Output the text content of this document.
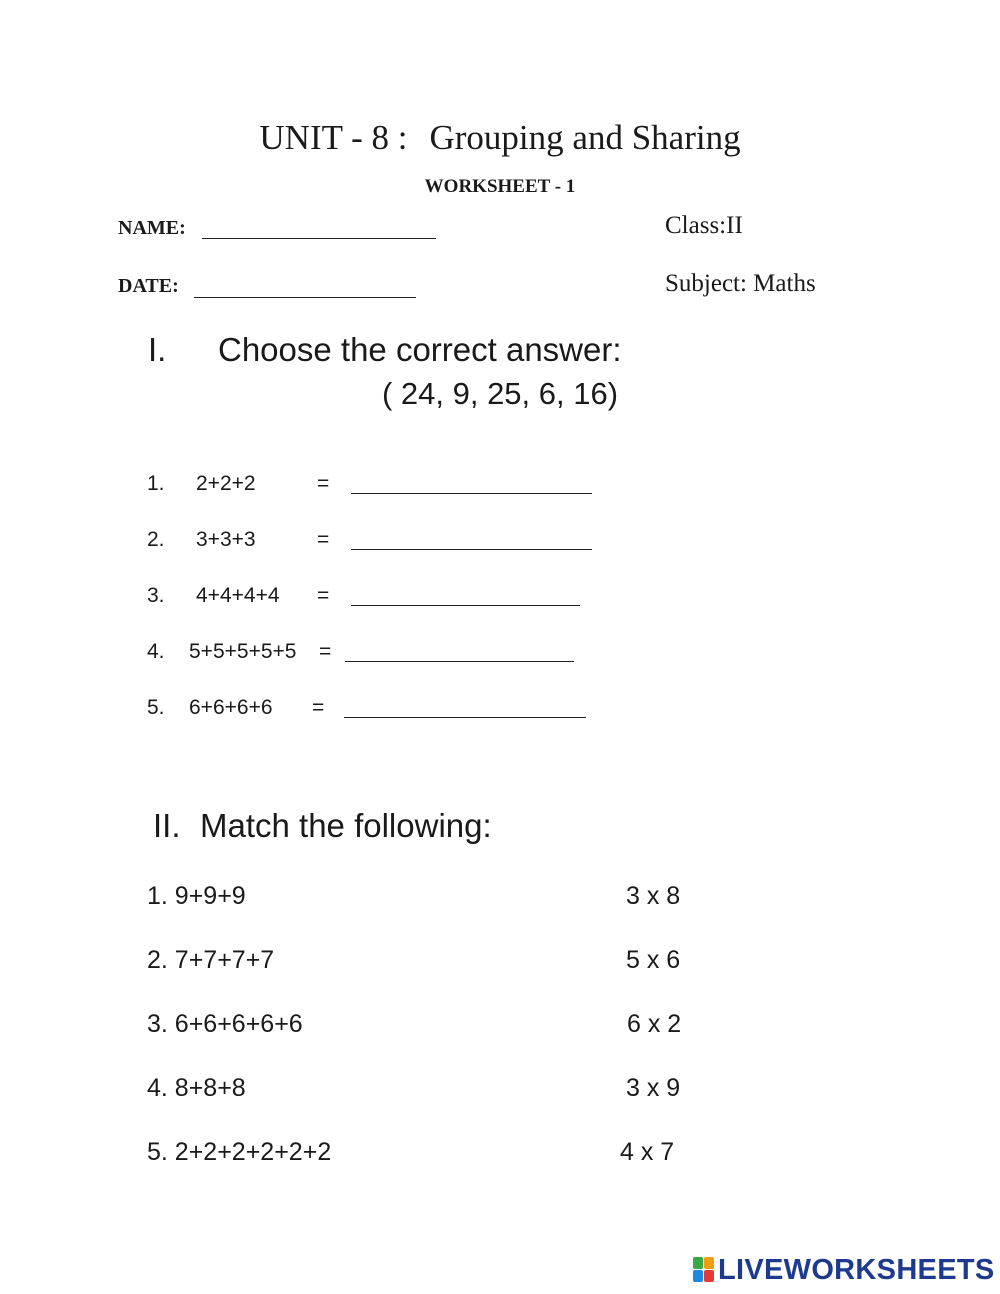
UNIT - 8 : Grouping and Sharing
WORKSHEET - 1
NAME:	Class:II
DATE:	Subject: Maths
I. Choose the correct answer:
( 24, 9, 25, 6, 16)
1. 2+2+2	=
2. 3+3+3	=
3. 4+4+4+4 =
4. 5+5+5+5+5 =
5. 6+6+6+6 =
II. Match the following:
1. 9+9+9	3 x 8
2. 7+7+7+7	5 x 6
3. 6+6+6+6+6	6 x 2
4. 8+8+8	3 x 9
5. 2+2+2+2+2+2	4 x 7
LIVEWORKSHEETS
